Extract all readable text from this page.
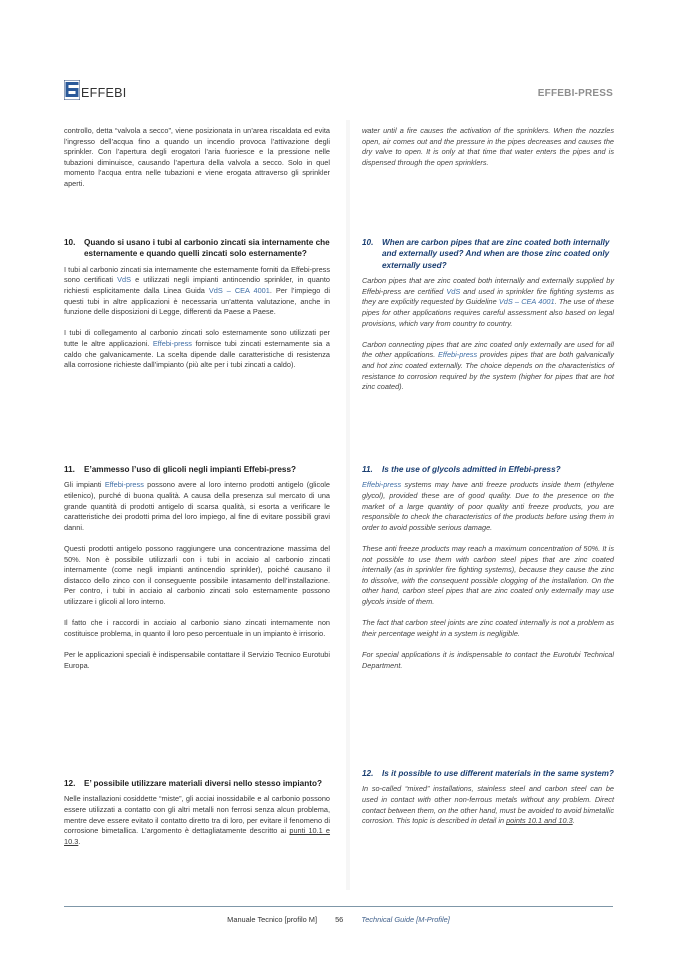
EFFEBI	EFFEBI-PRESS

controllo, detta “valvola a secco”, viene posizionata in un’area riscaldata ed evita l’ingresso dell’acqua fino a quando un incendio provoca l’attivazione degli sprinkler. Con l’apertura degli erogatori l’aria fuoriesce e la pressione nelle tubazioni diminuisce, causando l’apertura della valvola a secco. Solo in quel momento l’acqua entra nelle tubazioni e viene erogata attraverso gli sprinkler aperti.

10.	Quando si usano i tubi al carbonio zincati sia internamente che esternamente e quando quelli zincati solo esternamente?

I tubi al carbonio zincati sia internamente che esternamente forniti da Effebi-press sono certificati VdS e utilizzati negli impianti antincendio sprinkler, in quanto richiesti esplicitamente dalla Linea Guida VdS – CEA 4001. Per l’impiego di questi tubi in altre applicazioni è necessaria un’attenta valutazione, anche in funzione delle disposizioni di Legge, differenti da Paese a Paese.

I tubi di collegamento al carbonio zincati solo esternamente sono utilizzati per tutte le altre applicazioni. Effebi-press fornisce tubi zincati esternamente sia a caldo che galvanicamente. La scelta dipende dalle caratteristiche di resistenza alla corrosione richieste dall’impianto (più alte per i tubi zincati a caldo).

11.	E’ammesso l’uso di glicoli negli impianti Effebi-press?

Gli impianti Effebi-press possono avere al loro interno prodotti antigelo (glicole etilenico), purché di buona qualità. A causa della presenza sul mercato di una grande quantità di prodotti antigelo di scarsa qualità, si esorta a verificare le caratteristiche dei prodotti prima del loro impiego, al fine di evitare possibili gravi danni.

Questi prodotti antigelo possono raggiungere una concentrazione massima del 50%. Non è possibile utilizzarli con i tubi in acciaio al carbonio zincati internamente (come negli impianti antincendio sprinkler), poiché causano il distacco dello zinco con il conseguente possibile intasamento dell’installazione. Per contro, i tubi in acciaio al carbonio zincati solo esternamente possono utilizzare i glicoli al loro interno.

Il fatto che i raccordi in acciaio al carbonio siano zincati internamente non costituisce problema, in quanto il loro peso percentuale in un impianto è irrisorio.

Per le applicazioni speciali è indispensabile contattare il Servizio Tecnico Eurotubi Europa.

12.	E’ possibile utilizzare materiali diversi nello stesso impianto?

Nelle installazioni cosiddette “miste”, gli acciai inossidabile e al carbonio possono essere utilizzati a contatto con gli altri metalli non ferrosi senza alcun problema, mentre deve essere evitato il contatto diretto tra di loro, per evitare il fenomeno di corrosione bimetallica. L’argomento è dettagliatamente descritto ai punti 10.1 e 10.3.

water until a fire causes the activation of the sprinklers. When the nozzles open, air comes out and the pressure in the pipes decreases and causes the dry valve to open. It is only at that time that water enters the pipes and is dispensed through the open sprinklers.

10.	When are carbon pipes that are zinc coated both internally and externally used? And when are those zinc coated only externally used?

Carbon pipes that are zinc coated both internally and externally supplied by Effebi-press are certified VdS and used in sprinkler fire fighting systems as they are explicitly requested by Guideline VdS – CEA 4001. The use of these pipes for other applications requires careful assessment also based on legal provisions, which vary from country to country.

Carbon connecting pipes that are zinc coated only externally are used for all the other applications. Effebi-press provides pipes that are both galvanically and hot zinc coated externally. The choice depends on the characteristics of resistance to corrosion required by the system (higher for pipes that are hot zinc coated).

11.	Is the use of glycols admitted in Effebi-press?

Effebi-press systems may have anti freeze products inside them (ethylene glycol), provided these are of good quality. Due to the presence on the market of a large quantity of poor quality anti freeze products, you are responsible to check the characteristics of the products before using them in order to avoid possible serious damage.

These anti freeze products may reach a maximum concentration of 50%. It is not possible to use them with carbon steel pipes that are zinc coated internally (as in sprinkler fire fighting systems), because they cause the zinc to dissolve, with the consequent possible clogging of the installation. On the other hand, carbon steel pipes that are zinc coated only externally may use glycols inside of them.

The fact that carbon steel joints are zinc coated internally is not a problem as their percentage weight in a system is negligible.

For special applications it is indispensable to contact the Eurotubi Technical Department.

12.	Is it possible to use different materials in the same system?

In so-called “mixed” installations, stainless steel and carbon steel can be used in contact with other non-ferrous metals without any problem. Direct contact between them, on the other hand, must be avoided to avoid bimetallic corrosion. This topic is described in detail in points 10.1 and 10.3.

Manuale Tecnico [profilo M] 56 Technical Guide [M-Profile]
